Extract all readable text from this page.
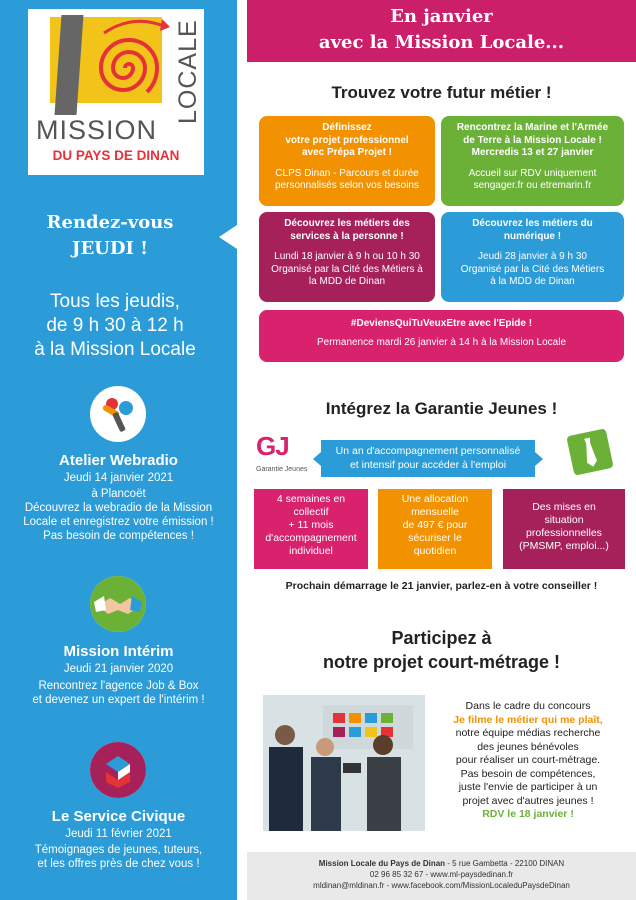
LOCALE
MISSION
DU PAYS DE DINAN
Rendez-vous
JEUDI !
Tous les jeudis,
de 9 h 30 à 12 h
à la Mission Locale
Atelier Webradio
Jeudi 14 janvier 2021
à Plancoët
Découvrez la webradio de la Mission
Locale et enregistrez votre émission !
Pas besoin de compétences !
Mission Intérim
Jeudi 21 janvier 2020
Rencontrez l'agence Job & Box
et devenez un expert de l'intérim !
Le Service Civique
Jeudi 11 février 2021
Témoignages de jeunes, tuteurs,
et les offres près de chez vous !
En janvier
avec la Mission Locale...
Trouvez votre futur métier !
Définissez
votre projet professionnel
avec Prépa Projet !

CLPS Dinan - Parcours et durée
personnalisés selon vos besoins

Rencontrez la Marine et l'Armée
de Terre à la Mission Locale !
Mercredis 13 et 27 janvier

Accueil sur RDV uniquement
sengager.fr ou etremarin.fr

Découvrez les métiers des
services à la personne !

Lundi 18 janvier à 9 h ou 10 h 30
Organisé par la Cité des Métiers à
la MDD de Dinan

Découvrez les métiers du
numérique !

Jeudi 28 janvier à 9 h 30
Organisé par la Cité des Métiers
à la MDD de Dinan

#DeviensQuiTuVeuxEtre avec l'Epide !

Permanence mardi 26 janvier à 14 h à la Mission Locale

Intégrez la Garantie Jeunes !
GJ
Garantie Jeunes
Un an d'accompagnement personnalisé
et intensif pour accéder à l'emploi
4 semaines en
collectif
+ 11 mois
d'accompagnement
individuel
Une allocation
mensuelle
de 497 € pour
sécuriser le
quotidien
Des mises en
situation
professionnelles
(PMSMP, emploi...)
Prochain démarrage le 21 janvier, parlez-en à votre conseiller !
Participez à
notre projet court-métrage !
Dans le cadre du concours
Je filme le métier qui me plaît,
notre équipe médias recherche
des jeunes bénévoles
pour réaliser un court-métrage.
Pas besoin de compétences,
juste l'envie de participer à un
projet avec d'autres jeunes !
RDV le 18 janvier !
Mission Locale du Pays de Dinan - 5 rue Gambetta - 22100 DINAN
02 96 85 32 67 - www.ml-paysdedinan.fr
mldinan@mldinan.fr - www.facebook.com/MissionLocaleduPaysdeDinan
